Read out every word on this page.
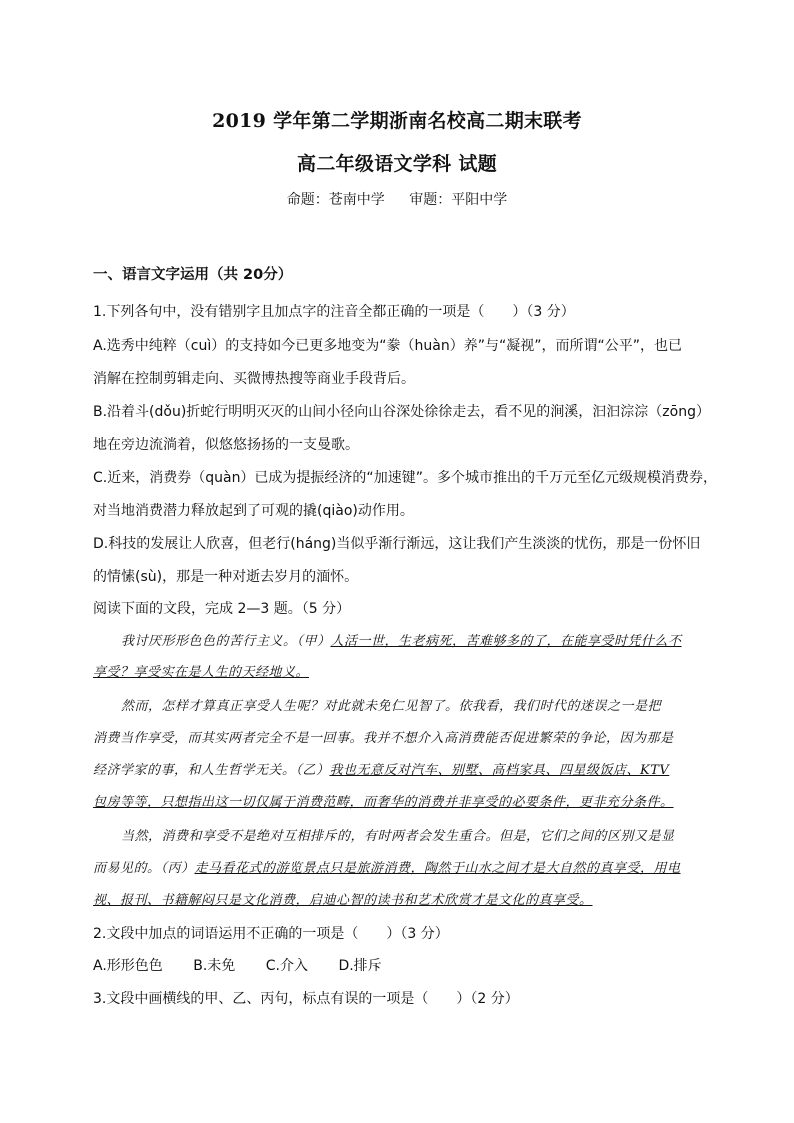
2019 学年第二学期浙南名校高二期末联考
高二年级语文学科 试题
命题：苍南中学 审题：平阳中学
一、语言文字运用（共 20分）
1.下列各句中，没有错别字且加点字的注音全都正确的一项是（　　）（3 分）
A.选秀中纯粹（cuì）的支持如今已更多地变为“豢（huàn）养”与“凝视”，而所谓“公平”，也已
消解在控制剪辑走向、买微博热搜等商业手段背后。
B.沿着斗(dǒu)折蛇行明明灭灭的山间小径向山谷深处徐徐走去，看不见的涧溪，汩汩淙淙（zōng）
地在旁边流淌着，似悠悠扬扬的一支曼歌。
C.近来，消费券（quàn）已成为提振经济的“加速键”。多个城市推出的千万元至亿元级规模消费券，
对当地消费潜力释放起到了可观的撬(qiào)动作用。
D.科技的发展让人欣喜，但老行(háng)当似乎渐行渐远，这让我们产生淡淡的忧伤，那是一份怀旧
的情愫(sù)，那是一种对逝去岁月的湎怀。
阅读下面的文段，完成 2—3 题。（5 分）
我讨厌形形色色的苦行主义。（甲）人活一世，生老病死，苦难够多的了，在能享受时凭什么不
享受？享受实在是人生的天经地义。
然而，怎样才算真正享受人生呢？对此就未免仁见智了。依我看，我们时代的迷误之一是把
消费当作享受，而其实两者完全不是一回事。我并不想介入高消费能否促进繁荣的争论，因为那是
经济学家的事，和人生哲学无关。（乙）我也无意反对汽车、别墅、高档家具、四星级饭店、KTV
包房等等，只想指出这一切仅属于消费范畴，而奢华的消费并非享受的必要条件，更非充分条件。
当然，消费和享受不是绝对互相排斥的，有时两者会发生重合。但是，它们之间的区别又是显
而易见的。（丙）走马看花式的游览景点只是旅游消费，陶然于山水之间才是大自然的真享受，用电
视、报刊、书籍解闷只是文化消费，启迪心智的读书和艺术欣赏才是文化的真享受。
2.文段中加点的词语运用不正确的一项是（　　）（3 分）
A.形形色色 B.未免 C.介入 D.排斥
3.文段中画横线的甲、乙、丙句，标点有误的一项是（　　）（2 分）
